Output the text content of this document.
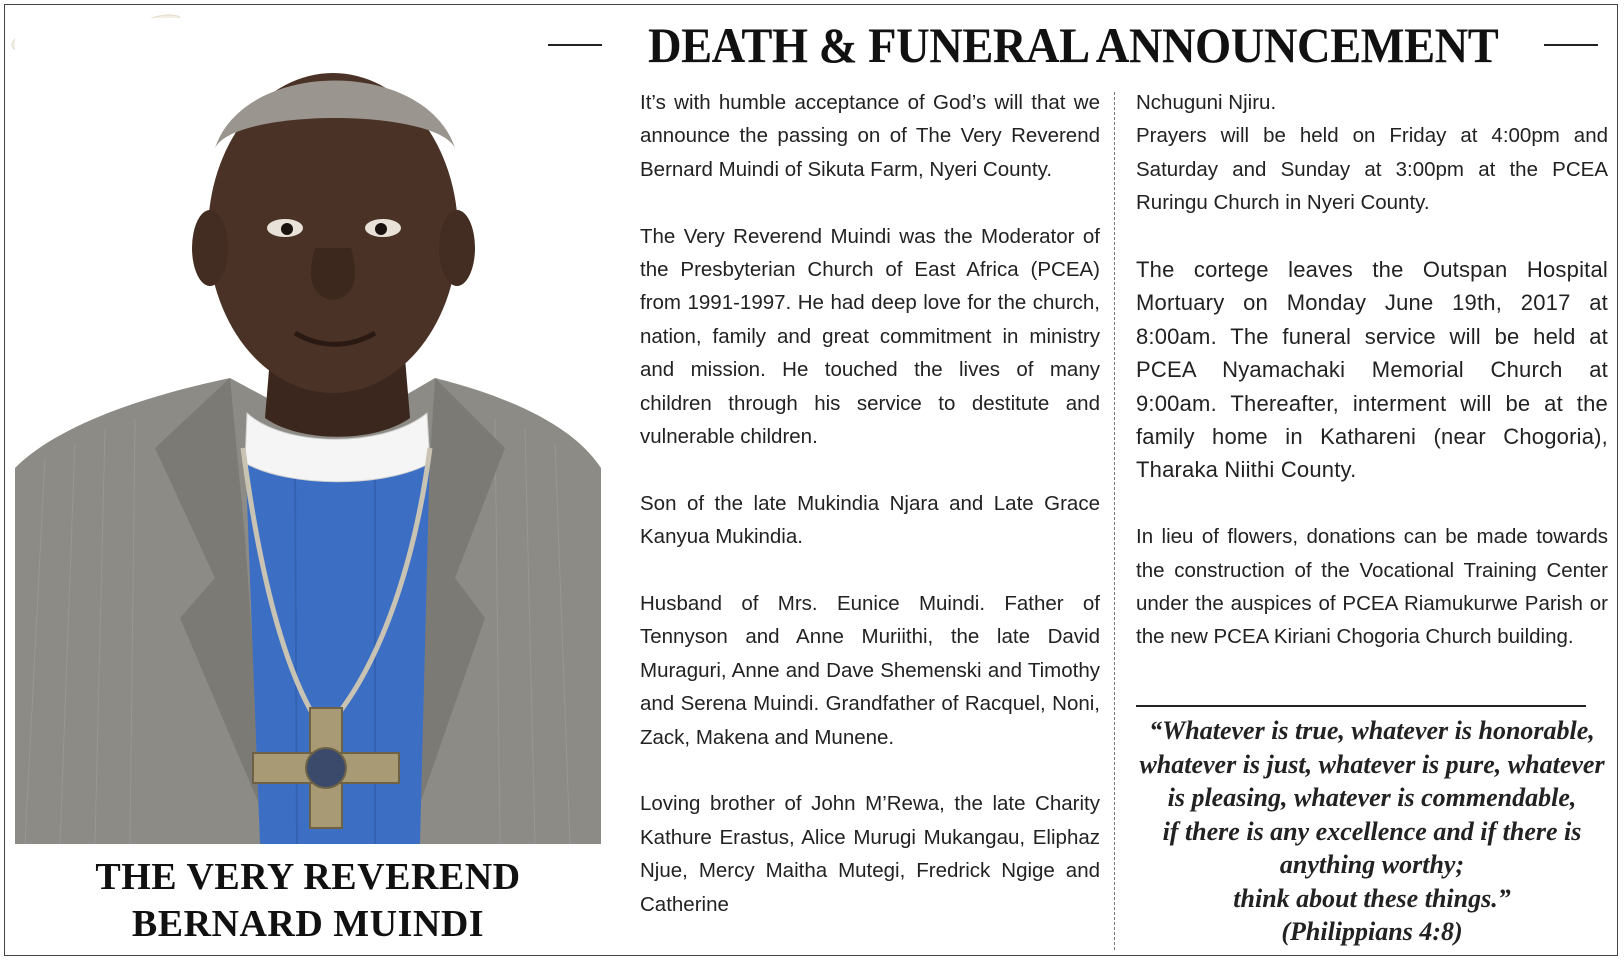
THE VERY REVEREND
BERNARD MUINDI
DEATH & FUNERAL ANNOUNCEMENT

It’s with humble acceptance of God’s will that we announce the passing on of The Very Reverend Bernard Muindi of Sikuta Farm, Nyeri County.

The Very Reverend Muindi was the Moderator of the Presbyterian Church of East Africa (PCEA) from 1991-1997. He had deep love for the church, nation, family and great commitment in ministry and mission. He touched the lives of many children through his service to destitute and vulnerable children.

Son of the late Mukindia Njara and Late Grace Kanyua Mukindia.

Husband of Mrs. Eunice Muindi. Father of Tennyson and Anne Muriithi, the late David Muraguri, Anne and Dave Shemenski and Timothy and Serena Muindi. Grandfather of Racquel, Noni, Zack, Makena and Munene.

Loving brother of John M’Rewa, the late Charity Kathure Erastus, Alice Murugi Mukangau, Eliphaz Njue, Mercy Maitha Mutegi, Fredrick Ngige and Catherine

Nchuguni Njiru.

Prayers will be held on Friday at 4:00pm and Saturday and Sunday at 3:00pm at the PCEA Ruringu Church in Nyeri County.

The cortege leaves the Outspan Hospital Mortuary on Monday June 19th, 2017 at 8:00am. The funeral service will be held at PCEA Nyamachaki Memorial Church at 9:00am. Thereafter, interment will be at the family home in Kathareni (near Chogoria), Tharaka Niithi County.

In lieu of flowers, donations can be made towards the construction of the Vocational Training Center under the auspices of PCEA Riamukurwe Parish or the new PCEA Kiriani Chogoria Church building.

“Whatever is true, whatever is honorable,
whatever is just, whatever is pure, whatever
is pleasing, whatever is commendable,
if there is any excellence and if there is
anything worthy;
think about these things.”
(Philippians 4:8)
